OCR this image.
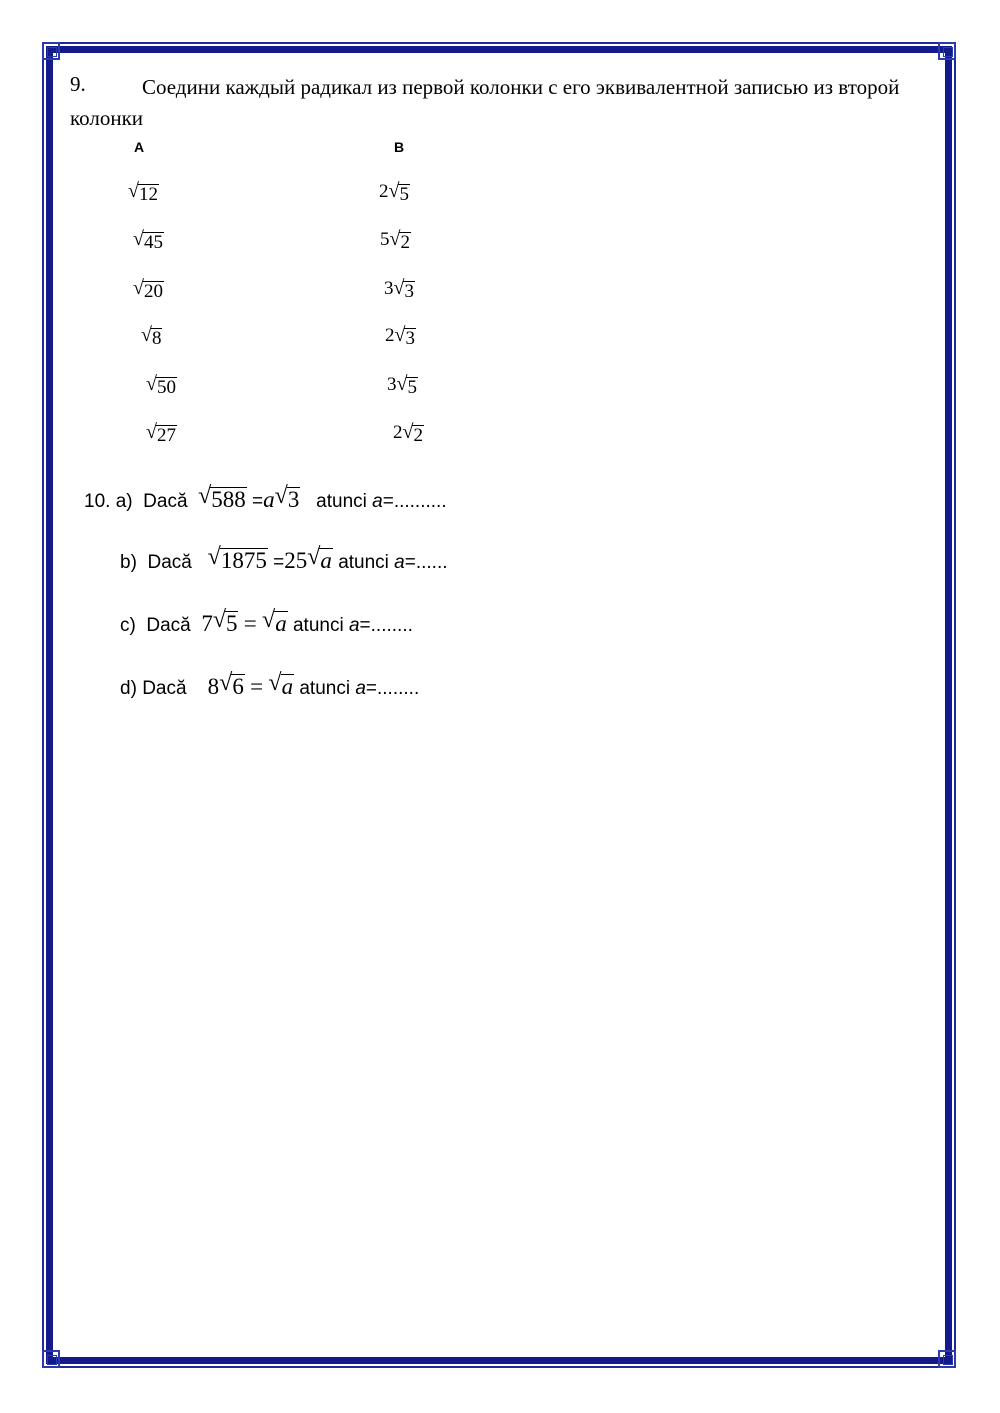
9.	Соедини каждый радикал из первой колонки с его эквивалентной записью из второй колонки
A	B
√12
√45
√20
√8
√50
√27
2√5
5√2
3√3
2√3
3√5
2√2
10. a) Dacă √588 =a√3 atunci a=..........
b) Dacă √1875 =25√a atunci a=......
c) Dacă 7√5 = √a atunci a=........
d) Dacă 8√6 = √a atunci a=........
